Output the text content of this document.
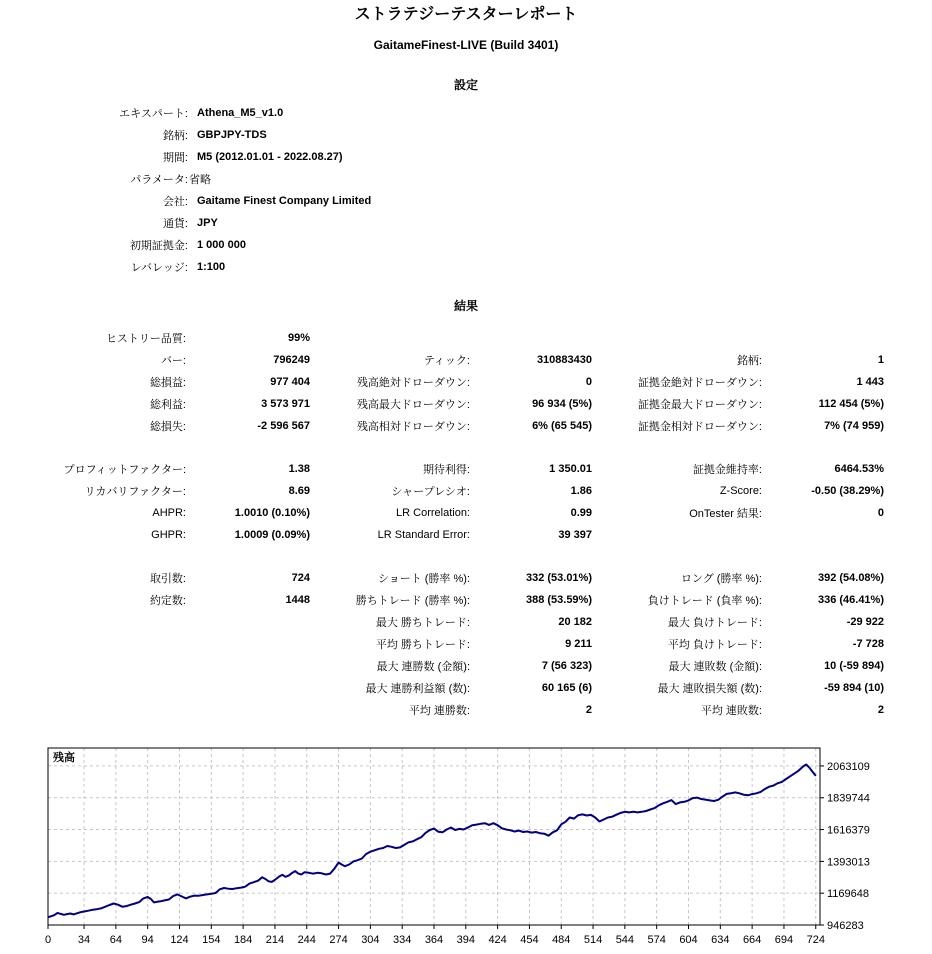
ストラテジーテスターレポート
GaitameFinest-LIVE (Build 3401)
設定
エキスパート: Athena_M5_v1.0
銘柄: GBPJPY-TDS
期間: M5 (2012.01.01 - 2022.08.27)
パラメータ: 省略
会社: Gaitame Finest Company Limited
通貨: JPY
初期証拠金: 1 000 000
レバレッジ: 1:100
結果
ヒストリー品質:	99%
バー:	796249	ティック:	310883430	銘柄:	1
総損益:	977 404	残高絶対ドローダウン:	0	証拠金絶対ドローダウン:	1 443
総利益:	3 573 971	残高最大ドローダウン:	96 934 (5%)	証拠金最大ドローダウン:	112 454 (5%)
総損失:	-2 596 567	残高相対ドローダウン:	6% (65 545)	証拠金相対ドローダウン:	7% (74 959)
プロフィットファクター:	1.38	期待利得:	1 350.01	証拠金維持率:	6464.53%
リカバリファクター:	8.69	シャープレシオ:	1.86	Z-Score:	-0.50 (38.29%)
AHPR:	1.0010 (0.10%)	LR Correlation:	0.99	OnTester 結果:	0
GHPR:	1.0009 (0.09%)	LR Standard Error:	39 397
取引数:	724	ショート (勝率 %):	332 (53.01%)	ロング (勝率 %):	392 (54.08%)
約定数:	1448	勝ちトレード (勝率 %):	388 (53.59%)	負けトレード (負率 %):	336 (46.41%)
最大 勝ちトレード:	20 182	最大 負けトレード:	-29 922
平均 勝ちトレード:	9 211	平均 負けトレード:	-7 728
最大 連勝数 (金額):	7 (56 323)	最大 連敗数 (金額):	10 (-59 894)
最大 連勝利益額 (数):	60 165 (6)	最大 連敗損失額 (数):	-59 894 (10)
平均 連勝数:	2	平均 連敗数:	2
946283
1169648
1393013
1616379
1839744
2063109
0 34 64 94 124 154 184 214 244 274 304 334 364 394 424 454 484 514 544 574 604 634 664 694 724
残高
